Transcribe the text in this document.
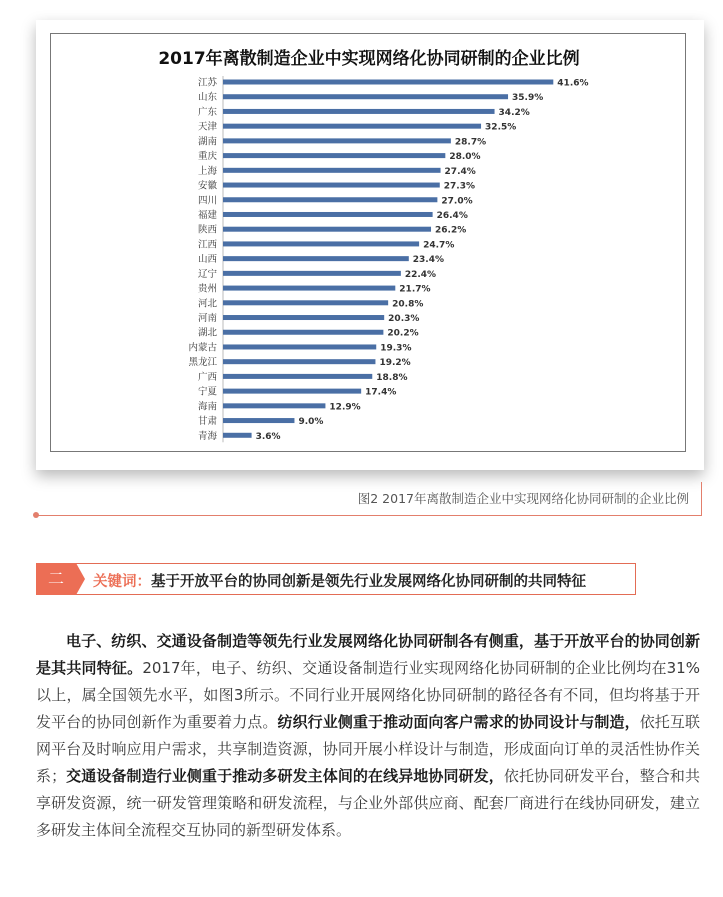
2017年离散制造企业中实现网络化协同研制的企业比例
江苏	41.6%
山东	35.9%
广东	34.2%
天津	32.5%
湖南	28.7%
重庆	28.0%
上海	27.4%
安徽	27.3%
四川	27.0%
福建	26.4%
陕西	26.2%
江西	24.7%
山西	23.4%
辽宁	22.4%
贵州	21.7%
河北	20.8%
河南	20.3%
湖北	20.2%
内蒙古	19.3%
黑龙江	19.2%
广西	18.8%
宁夏	17.4%
海南	12.9%
甘肃	9.0%
青海	3.6%
图2 2017年离散制造企业中实现网络化协同研制的企业比例
二	关键词：基于开放平台的协同创新是领先行业发展网络化协同研制的共同特征

电子、纺织、交通设备制造等领先行业发展网络化协同研制各有侧重，基于开放平台的协同创新是其共同特征。2017年，电子、纺织、交通设备制造行业实现网络化协同研制的企业比例均在31%以上，属全国领先水平，如图3所示。不同行业开展网络化协同研制的路径各有不同，但均将基于开发平台的协同创新作为重要着力点。纺织行业侧重于推动面向客户需求的协同设计与制造，依托互联网平台及时响应用户需求，共享制造资源，协同开展小样设计与制造，形成面向订单的灵活性协作关系；交通设备制造行业侧重于推动多研发主体间的在线异地协同研发，依托协同研发平台，整合和共享研发资源，统一研发管理策略和研发流程，与企业外部供应商、配套厂商进行在线协同研发，建立多研发主体间全流程交互协同的新型研发体系。
